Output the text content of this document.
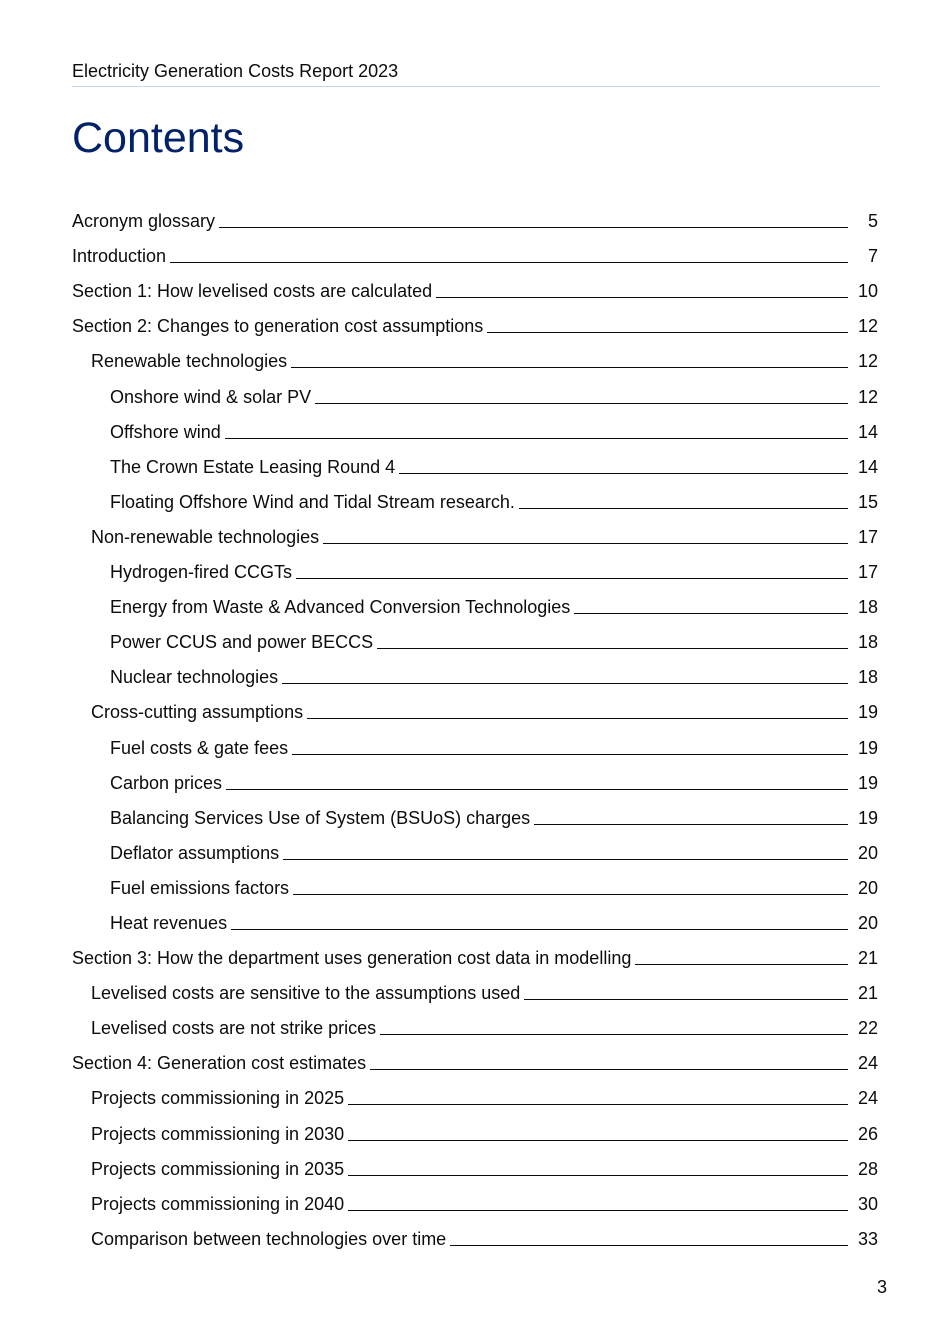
Electricity Generation Costs Report 2023
Contents
Acronym glossary	5
Introduction	7
Section 1: How levelised costs are calculated	10
Section 2: Changes to generation cost assumptions	12
Renewable technologies	12
Onshore wind & solar PV	12
Offshore wind	14
The Crown Estate Leasing Round 4	14
Floating Offshore Wind and Tidal Stream research.	15
Non-renewable technologies	17
Hydrogen-fired CCGTs	17
Energy from Waste & Advanced Conversion Technologies	18
Power CCUS and power BECCS	18
Nuclear technologies	18
Cross-cutting assumptions	19
Fuel costs & gate fees	19
Carbon prices	19
Balancing Services Use of System (BSUoS) charges	19
Deflator assumptions	20
Fuel emissions factors	20
Heat revenues	20
Section 3: How the department uses generation cost data in modelling	21
Levelised costs are sensitive to the assumptions used	21
Levelised costs are not strike prices	22
Section 4: Generation cost estimates	24
Projects commissioning in 2025	24
Projects commissioning in 2030	26
Projects commissioning in 2035	28
Projects commissioning in 2040	30
Comparison between technologies over time	33
3
